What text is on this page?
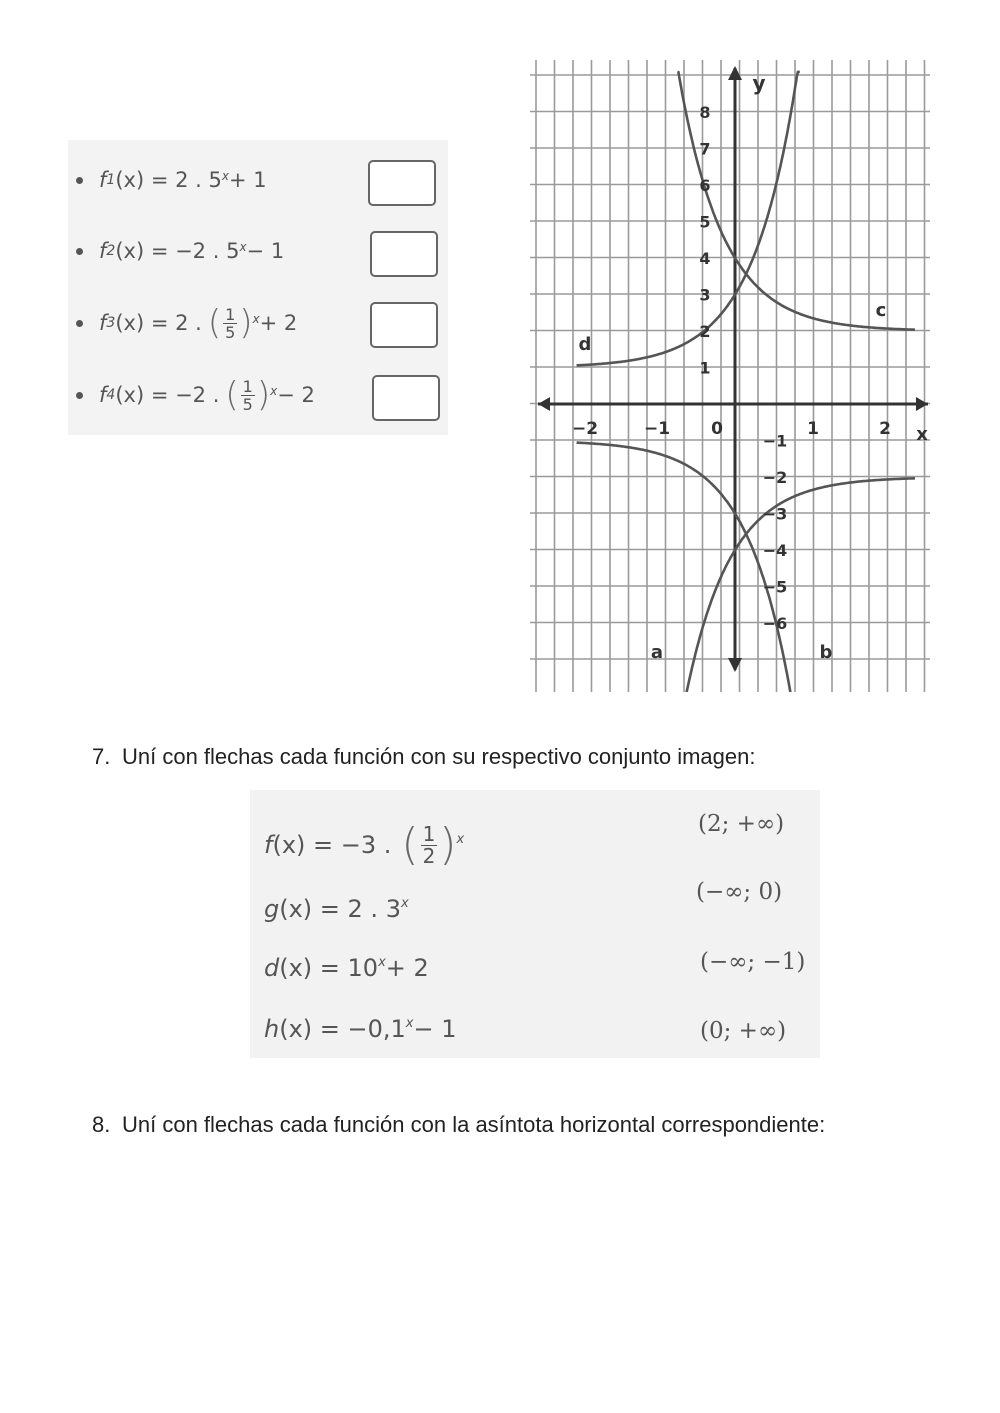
f 1 (x) = 2 . $5^x + 1$
f 2 (x) = −2 . $5^x - 1$
f 3 (x) = 2 . ( $\frac{1}{5} )^x + 2$
f 4 (x) = −2 . ( $\frac{1}{5} )^x - 2$
−2	−1 0	1	2
8
7
6
5
4
3
2
1
−1
−2
−3
−4
−5
−6
x
y
a	b
c
d
7. Uní con flechas cada función con su respectivo conjunto imagen:
f (x) = −3 . ( $\frac{1}{2} )^x$
g (x) = 2 . 3$^x$
d $(x) = 10^x + 2$
h $(x) = -0,1^x - 1$
(2; +∞)
(−∞; 0)
(−∞; −1)
(0; +∞)
8. Uní con flechas cada función con la asíntota horizontal correspondiente:
